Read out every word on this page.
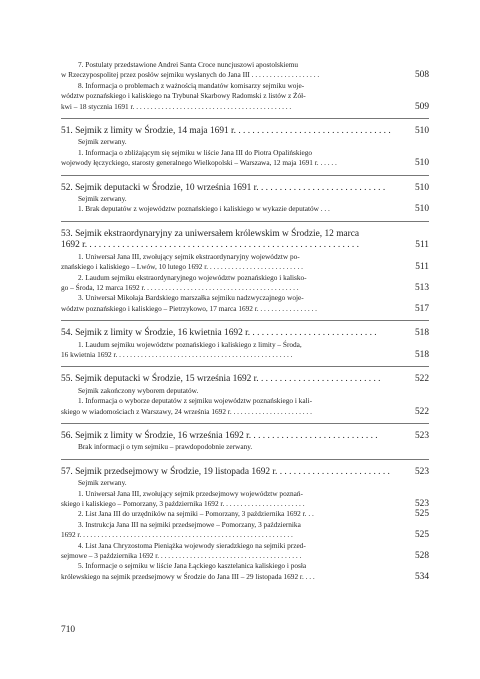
7. Postulaty przedstawione Andrei Santa Croce nuncjuszowi apostolskiemu
w Rzeczypospolitej przez posłów sejmiku wysłanych do Jana III . . . . . . . . . . . . . . . . . . .	508
8. Informacja o problemach z ważnością mandatów komisarzy sejmiku woje-
wództw poznańskiego i kaliskiego na Trybunał Skarbowy Radomski z listów z Żół-
kwi – 18 stycznia 1691 r. . . . . . . . . . . . . . . . . . . . . . . . . . . . . . . . . . . . . . . . . . . .	509
51. Sejmik z limity w Środzie, 14 maja 1691 r. . . . . . . . . . . . . . . . . . . . . . . . . . . . . . . . . .	510
Sejmik zerwany.
1. Informacja o zbliżającym się sejmiku w liście Jana III do Piotra Opalińskiego
wojewody łęczyckiego, starosty generalnego Wielkopolski – Warszawa, 12 maja 1691 r. . . . . .	510
52. Sejmik deputacki w Środzie, 10 września 1691 r. . . . . . . . . . . . . . . . . . . . . . . . . . . .	510
Sejmik zerwany.
1. Brak deputatów z województw poznańskiego i kaliskiego w wykazie deputatów . . .	510
53. Sejmik ekstraordynaryjny za uniwersałem królewskim w Środzie, 12 marca
1692 r. . . . . . . . . . . . . . . . . . . . . . . . . . . . . . . . . . . . . . . . . . . . . . . . . . . . . . . . . . .	511
1. Uniwersał Jana III, zwołujący sejmik ekstraordynaryjny województw po-
znańskiego i kaliskiego – Lwów, 10 lutego 1692 r. . . . . . . . . . . . . . . . . . . . . . . . . . .	511
2. Laudum sejmiku ekstraordynaryjnego województw poznańskiego i kalisko-
go – Środa, 12 marca 1692 r. . . . . . . . . . . . . . . . . . . . . . . . . . . . . . . . . . . . . . . . . . .	513
3. Uniwersał Mikołaja Bardskiego marszałka sejmiku nadzwyczajnego woje-
wództw poznańskiego i kaliskiego – Pietrzykowo, 17 marca 1692 r. . . . . . . . . . . . . . . . .	517
54. Sejmik z limity w Środzie, 16 kwietnia 1692 r. . . . . . . . . . . . . . . . . . . . . . . . . . . .	518
1. Laudum sejmiku województw poznańskiego i kaliskiego z limity – Środa,
16 kwietnia 1692 r. . . . . . . . . . . . . . . . . . . . . . . . . . . . . . . . . . . . . . . . . . . . . . . . .	518
55. Sejmik deputacki w Środzie, 15 września 1692 r. . . . . . . . . . . . . . . . . . . . . . . . . . .	522
Sejmik zakończony wyborem deputatów.
1. Informacja o wyborze deputatów z sejmiku województw poznańskiego i kali-
skiego w wiadomościach z Warszawy, 24 września 1692 r. . . . . . . . . . . . . . . . . . . . . . .	522
56. Sejmik z limity w Środzie, 16 września 1692 r. . . . . . . . . . . . . . . . . . . . . . . . . . . .	523
Brak informacji o tym sejmiku – prawdopodobnie zerwany.
57. Sejmik przedsejmowy w Środzie, 19 listopada 1692 r. . . . . . . . . . . . . . . . . . . . . . . . .	523
Sejmik zerwany.
1. Uniwersał Jana III, zwołujący sejmik przedsejmowy województw poznań-
skiego i kaliskiego – Pomorzany, 3 października 1692 r. . . . . . . . . . . . . . . . . . . . . . .	523
2. List Jana III do urzędników na sejmiki – Pomorzany, 3 października 1692 r. . .	525
3. Instrukcja Jana III na sejmiki przedsejmowe – Pomorzany, 3 października
1692 r. . . . . . . . . . . . . . . . . . . . . . . . . . . . . . . . . . . . . . . . . . . . . . . . . . . . . . . . . . .	525
4. List Jana Chryzostoma Pieniążka wojewody sieradzkiego na sejmiki przed-
sejmowe – 3 października 1692 r. . . . . . . . . . . . . . . . . . . . . . . . . . . . . . . . . . . . . . . .	528
5. Informacje o sejmiku w liście Jana Łąckiego kasztelanica kaliskiego i posła
królewskiego na sejmik przedsejmowy w Środzie do Jana III – 29 listopada 1692 r. . . .	534
710
